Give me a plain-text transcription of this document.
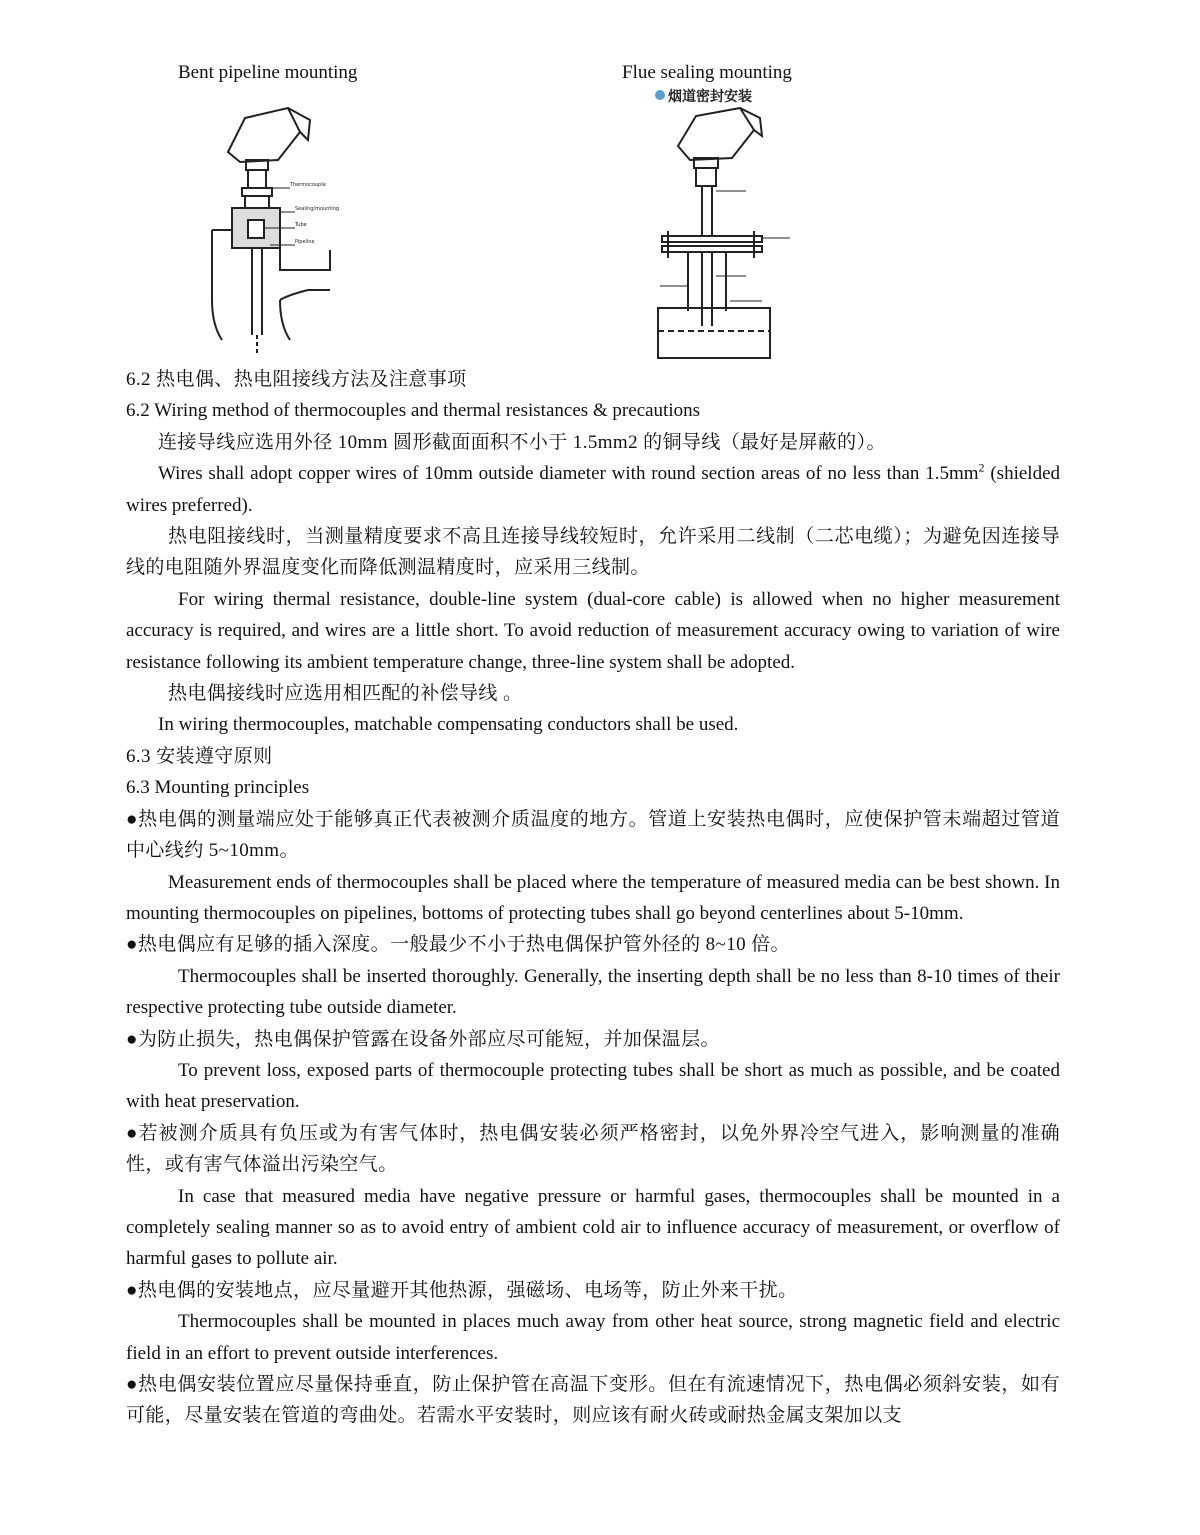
Bent pipeline mounting	Flue sealing mounting
Thermocouple
Sealing/mounting
Tube
Pipeline
烟道密封安装

6.2 热电偶、热电阻接线方法及注意事项

6.2 Wiring method of thermocouples and thermal resistances & precautions

连接导线应选用外径 10mm 圆形截面面积不小于 1.5mm2 的铜导线（最好是屏蔽的）。

Wires shall adopt copper wires of 10mm outside diameter with round section areas of no less than $1.5mm^2$ (shielded wires preferred).

热电阻接线时，当测量精度要求不高且连接导线较短时，允许采用二线制（二芯电缆）；为避免因连接导线的电阻随外界温度变化而降低测温精度时，应采用三线制。

For wiring thermal resistance, double-line system (dual-core cable) is allowed when no higher measurement accuracy is required, and wires are a little short. To avoid reduction of measurement accuracy owing to variation of wire resistance following its ambient temperature change, three-line system shall be adopted.

热电偶接线时应选用相匹配的补偿导线 。

In wiring thermocouples, matchable compensating conductors shall be used.

6.3 安装遵守原则

6.3 Mounting principles

●热电偶的测量端应处于能够真正代表被测介质温度的地方。管道上安装热电偶时，应使保护管未端超过管道中心线约 5~10mm。

Measurement ends of thermocouples shall be placed where the temperature of measured media can be best shown. In mounting thermocouples on pipelines, bottoms of protecting tubes shall go beyond centerlines about 5-10mm.

●热电偶应有足够的插入深度。一般最少不小于热电偶保护管外径的 8~10 倍。

Thermocouples shall be inserted thoroughly. Generally, the inserting depth shall be no less than 8-10 times of their respective protecting tube outside diameter.

●为防止损失，热电偶保护管露在设备外部应尽可能短，并加保温层。

To prevent loss, exposed parts of thermocouple protecting tubes shall be short as much as possible, and be coated with heat preservation.

●若被测介质具有负压或为有害气体时，热电偶安装必须严格密封，以免外界冷空气进入，影响测量的准确性，或有害气体溢出污染空气。

In case that measured media have negative pressure or harmful gases, thermocouples shall be mounted in a completely sealing manner so as to avoid entry of ambient cold air to influence accuracy of measurement, or overflow of harmful gases to pollute air.

●热电偶的安装地点，应尽量避开其他热源，强磁场、电场等，防止外来干扰。

Thermocouples shall be mounted in places much away from other heat source, strong magnetic field and electric field in an effort to prevent outside interferences.

●热电偶安装位置应尽量保持垂直，防止保护管在高温下变形。但在有流速情况下，热电偶必须斜安装，如有可能，尽量安装在管道的弯曲处。若需水平安装时，则应该有耐火砖或耐热金属支架加以支
